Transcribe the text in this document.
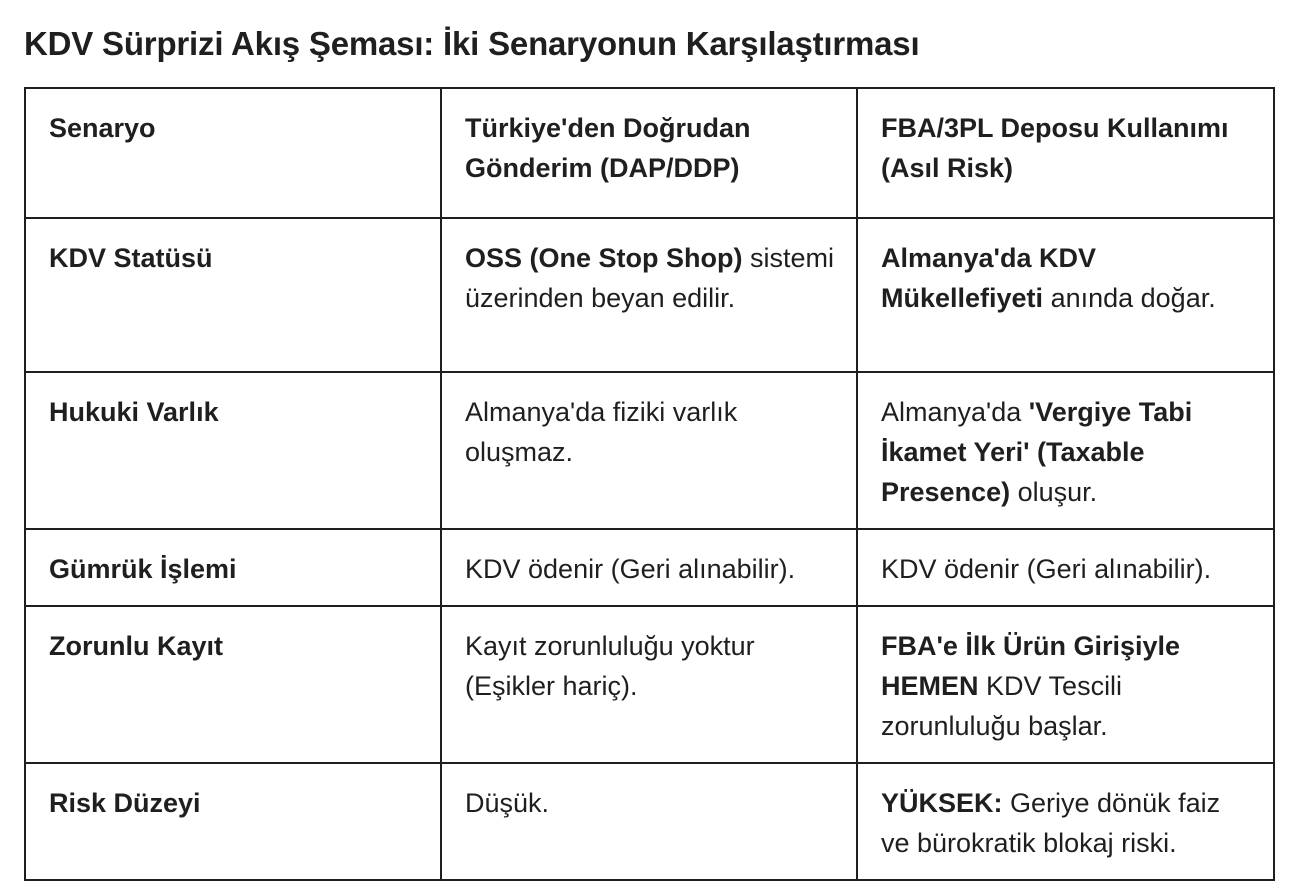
KDV Sürprizi Akış Şeması: İki Senaryonun Karşılaştırması
Senaryo	Türkiye'den Doğrudan Gönderim (DAP/DDP)	FBA/3PL Deposu Kullanımı (Asıl Risk)
KDV Statüsü	OSS (One Stop Shop) sistemi üzerinden beyan edilir.	Almanya'da KDV Mükellefiyeti anında doğar.
Hukuki Varlık	Almanya'da fiziki varlık oluşmaz.	Almanya'da 'Vergiye Tabi İkamet Yeri' (Taxable Presence) oluşur.
Gümrük İşlemi	KDV ödenir (Geri alınabilir).	KDV ödenir (Geri alınabilir).
Zorunlu Kayıt	Kayıt zorunluluğu yoktur (Eşikler hariç).	FBA'e İlk Ürün Girişiyle HEMEN KDV Tescili zorunluluğu başlar.
Risk Düzeyi	Düşük.	YÜKSEK: Geriye dönük faiz ve bürokratik blokaj riski.
